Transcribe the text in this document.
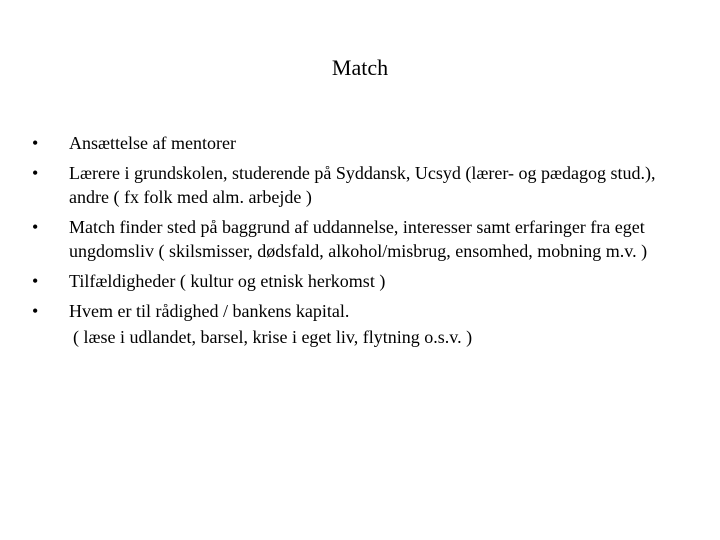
Match
• Ansættelse af mentorer
• Lærere i grundskolen, studerende på Syddansk, Ucsyd (lærer- og pædagog stud.), andre ( fx folk med alm. arbejde )
• Match finder sted på baggrund af uddannelse, interesser samt erfaringer fra eget ungdomsliv ( skilsmisser, dødsfald, alkohol/misbrug, ensomhed, mobning m.v. )
• Tilfældigheder ( kultur og etnisk herkomst )
• Hvem er til rådighed / bankens kapital.
( læse i udlandet, barsel, krise i eget liv, flytning o.s.v. )
